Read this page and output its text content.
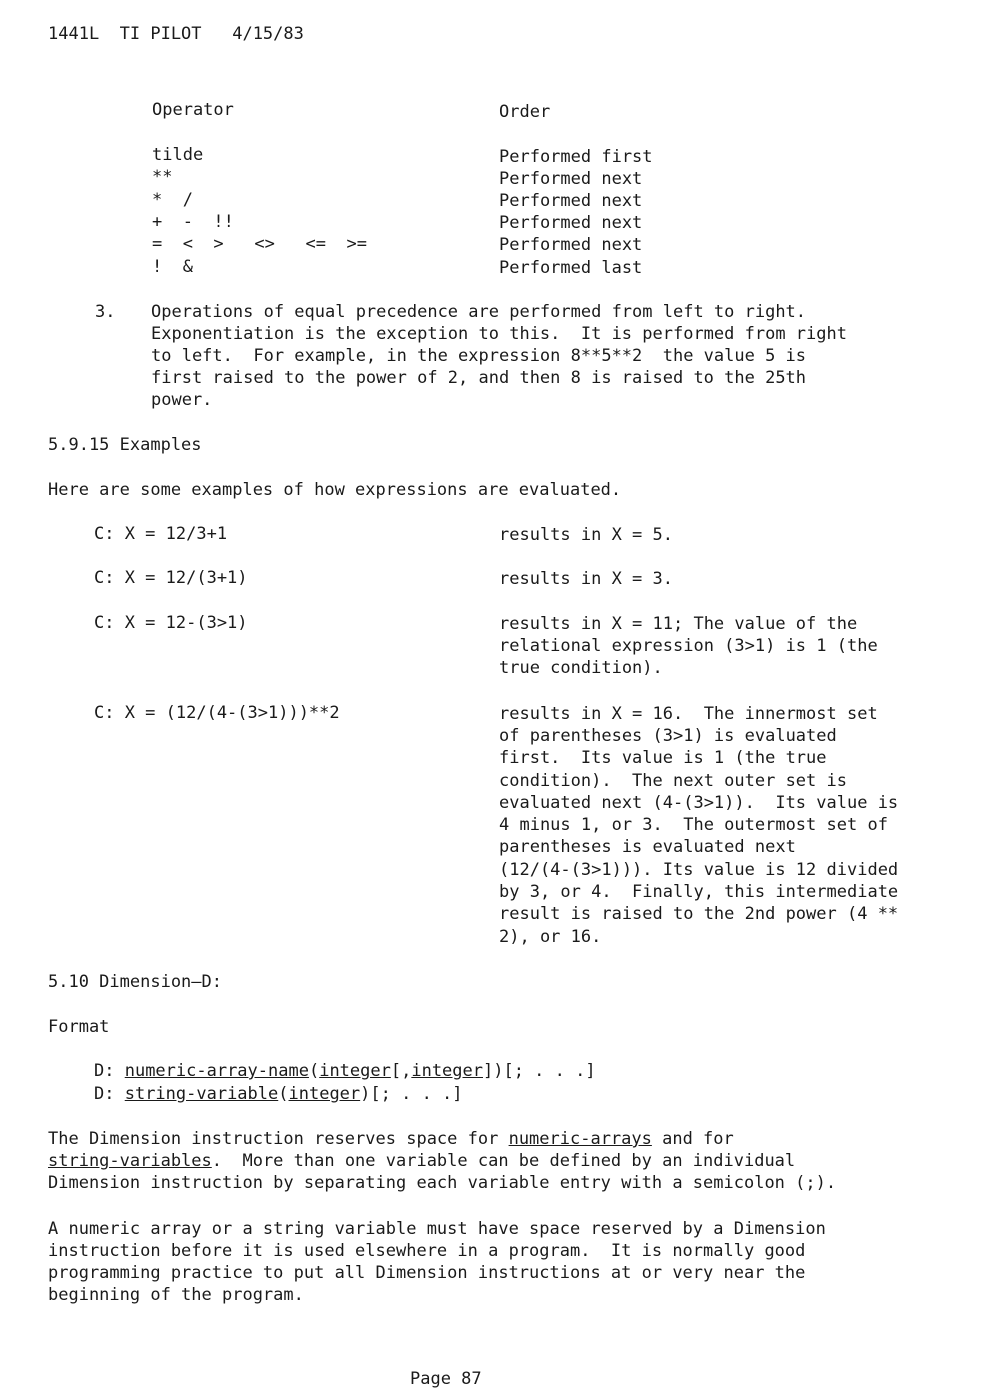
1441L  TI PILOT   4/15/83
Operator	Order
tilde	Performed first
**	Performed next
*  /	Performed next
+  -  !!	Performed next
=  <  >   <>   <=  >=	Performed next
!  &	Performed last
3. Operations of equal precedence are performed from left to right.
Exponentiation is the exception to this.  It is performed from right
to left.  For example, in the expression 8**5**2  the value 5 is
first raised to the power of 2, and then 8 is raised to the 25th
power.
5.9.15 Examples
Here are some examples of how expressions are evaluated.
C: X = 12/3+1	results in X = 5.
C: X = 12/(3+1)	results in X = 3.
C: X = 12-(3>1)	results in X = 11; The value of the
relational expression (3>1) is 1 (the
true condition).
C: X = (12/(4-(3>1)))**2	results in X = 16.  The innermost set
of parentheses (3>1) is evaluated
first.  Its value is 1 (the true
condition).  The next outer set is
evaluated next (4-(3>1)).  Its value is
4 minus 1, or 3.  The outermost set of
parentheses is evaluated next
(12/(4-(3>1))). Its value is 12 divided
by 3, or 4.  Finally, this intermediate
result is raised to the 2nd power (4 **
2), or 16.
5.10 Dimension—D:
Format
D: numeric-array-name(integer[,integer])[; . . .]
D: string-variable(integer)[; . . .]
The Dimension instruction reserves space for numeric-arrays and for
string-variables.  More than one variable can be defined by an individual
Dimension instruction by separating each variable entry with a semicolon (;).
A numeric array or a string variable must have space reserved by a Dimension
instruction before it is used elsewhere in a program.  It is normally good
programming practice to put all Dimension instructions at or very near the
beginning of the program.
Page 87
